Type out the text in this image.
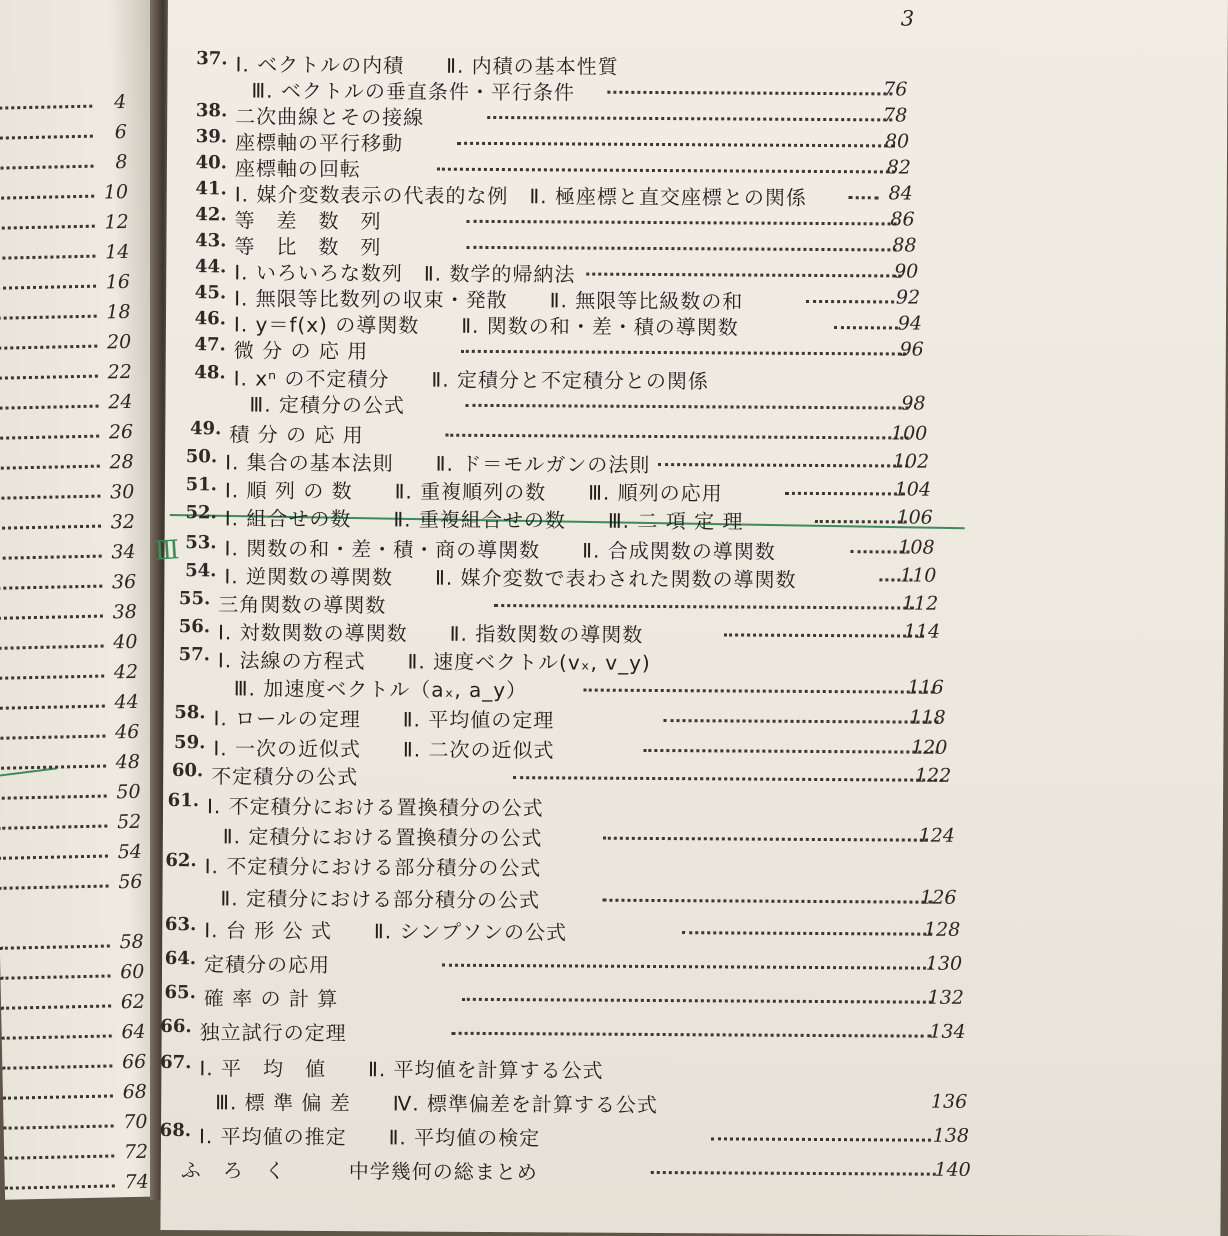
4
6
8
10
12
14
16
18
20
22
24
26
28
30
32
34
36
38
40
42
44
46
48
50
52
54
56
58
60
62
64
66
68
70
72
74
3
III
37. Ⅰ. ベクトルの内積　　Ⅱ. 内積の基本性質
Ⅲ. ベクトルの垂直条件・平行条件	76
38. 二次曲線とその接線	78
39. 座標軸の平行移動	80
40. 座標軸の回転	82
41. Ⅰ. 媒介変数表示の代表的な例　Ⅱ. 極座標と直交座標との関係	84
42. 等　差　数　列	86
43. 等　比　数　列	88
44. Ⅰ. いろいろな数列　Ⅱ. 数学的帰納法	90
45. Ⅰ. 無限等比数列の収束・発散　　Ⅱ. 無限等比級数の和	92
46. Ⅰ. y＝f(x) の導関数　　Ⅱ. 関数の和・差・積の導関数	94
47. 微 分 の 応 用	96
48. Ⅰ. xⁿ の不定積分　　Ⅱ. 定積分と不定積分との関係
Ⅲ. 定積分の公式	98
49. 積 分 の 応 用	100
50. Ⅰ. 集合の基本法則　　Ⅱ. ド＝モルガンの法則	102
51. Ⅰ. 順 列 の 数　　Ⅱ. 重複順列の数　　Ⅲ. 順列の応用	104
52. Ⅰ. 組合せの数　　Ⅱ. 重複組合せの数　　Ⅲ. 二 項 定 理	106
53. Ⅰ. 関数の和・差・積・商の導関数　　Ⅱ. 合成関数の導関数	108
54. Ⅰ. 逆関数の導関数　　Ⅱ. 媒介変数で表わされた関数の導関数	110
55. 三角関数の導関数	112
56. Ⅰ. 対数関数の導関数　　Ⅱ. 指数関数の導関数	114
57. Ⅰ. 法線の方程式　　Ⅱ. 速度ベクトル(vₓ, v_y)
Ⅲ. 加速度ベクトル（aₓ, a_y）	116
58. Ⅰ. ロールの定理　　Ⅱ. 平均値の定理	118
59. Ⅰ. 一次の近似式　　Ⅱ. 二次の近似式	120
60. 不定積分の公式	122
61. Ⅰ. 不定積分における置換積分の公式
Ⅱ. 定積分における置換積分の公式	124
62. Ⅰ. 不定積分における部分積分の公式
Ⅱ. 定積分における部分積分の公式	126
63. Ⅰ. 台 形 公 式　　Ⅱ. シンプソンの公式	128
64. 定積分の応用	130
65. 確 率 の 計 算	132
66. 独立試行の定理	134
67. Ⅰ. 平　均　値　　Ⅱ. 平均値を計算する公式
Ⅲ. 標 準 偏 差　　Ⅳ. 標準偏差を計算する公式	136
68. Ⅰ. 平均値の推定　　Ⅱ. 平均値の検定	138
ふ　ろ　く　　　中学幾何の総まとめ	140
